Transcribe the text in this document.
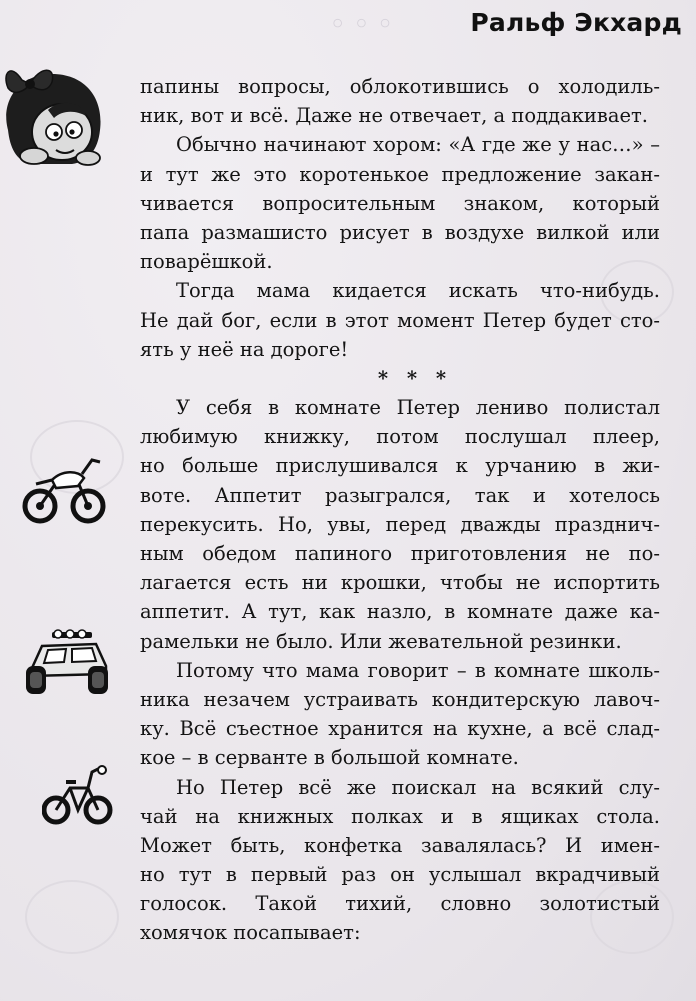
◦ ◦ ◦	Ральф Экхард
папины вопросы, облокотившись о холодиль-
ник, вот и всё. Даже не отвечает, а поддакивает.
Обычно начинают хором: «А где же у нас…» –
и тут же это коротенькое предложение закан-
чивается вопросительным знаком, который
папа размашисто рисует в воздухе вилкой или
поварёшкой.
Тогда мама кидается искать что-нибудь.
Не дай бог, если в этот момент Петер будет сто-
ять у неё на дороге!
* * *
У себя в комнате Петер лениво полистал
любимую книжку, потом послушал плеер,
но больше прислушивался к урчанию в жи-
воте. Аппетит разыгрался, так и хотелось
перекусить. Но, увы, перед дважды празднич-
ным обедом папиного приготовления не по-
лагается есть ни крошки, чтобы не испортить
аппетит. А тут, как назло, в комнате даже ка-
рамельки не было. Или жевательной резинки.
Потому что мама говорит – в комнате школь-
ника незачем устраивать кондитерскую лавоч-
ку. Всё съестное хранится на кухне, а всё слад-
кое – в серванте в большой комнате.
Но Петер всё же поискал на всякий слу-
чай на книжных полках и в ящиках стола.
Может быть, конфетка завалялась? И имен-
но тут в первый раз он услышал вкрадчивый
голосок. Такой тихий, словно золотистый
хомячок посапывает:
